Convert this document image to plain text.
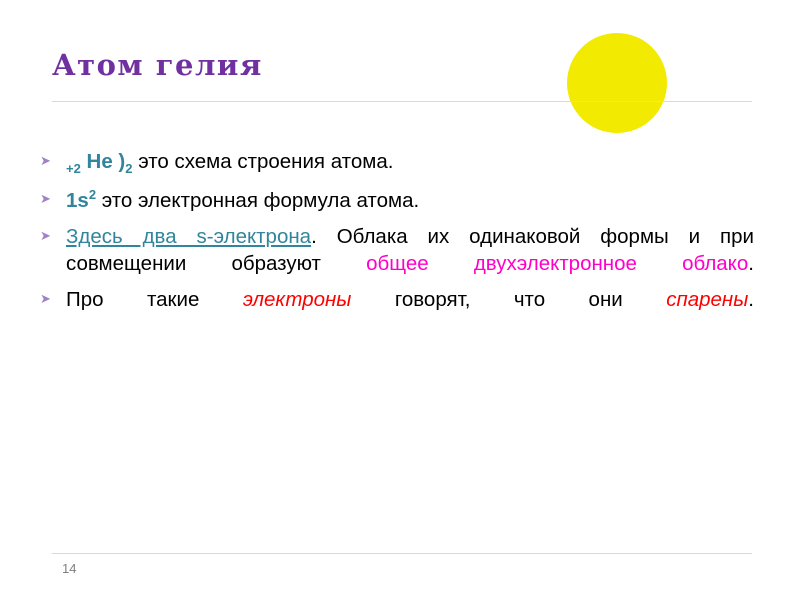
Атом гелия
➤
$_{+2}$ He )$_2$ это схема строения атома.
➤ $1s^2$ это электронная формула атома.
➤ Здесь два s-электрона. Облака их одинаковой формы и при совмещении образуют общее двухэлектронное облако.
➤ Про такие электроны говорят, что они спарены.
14
